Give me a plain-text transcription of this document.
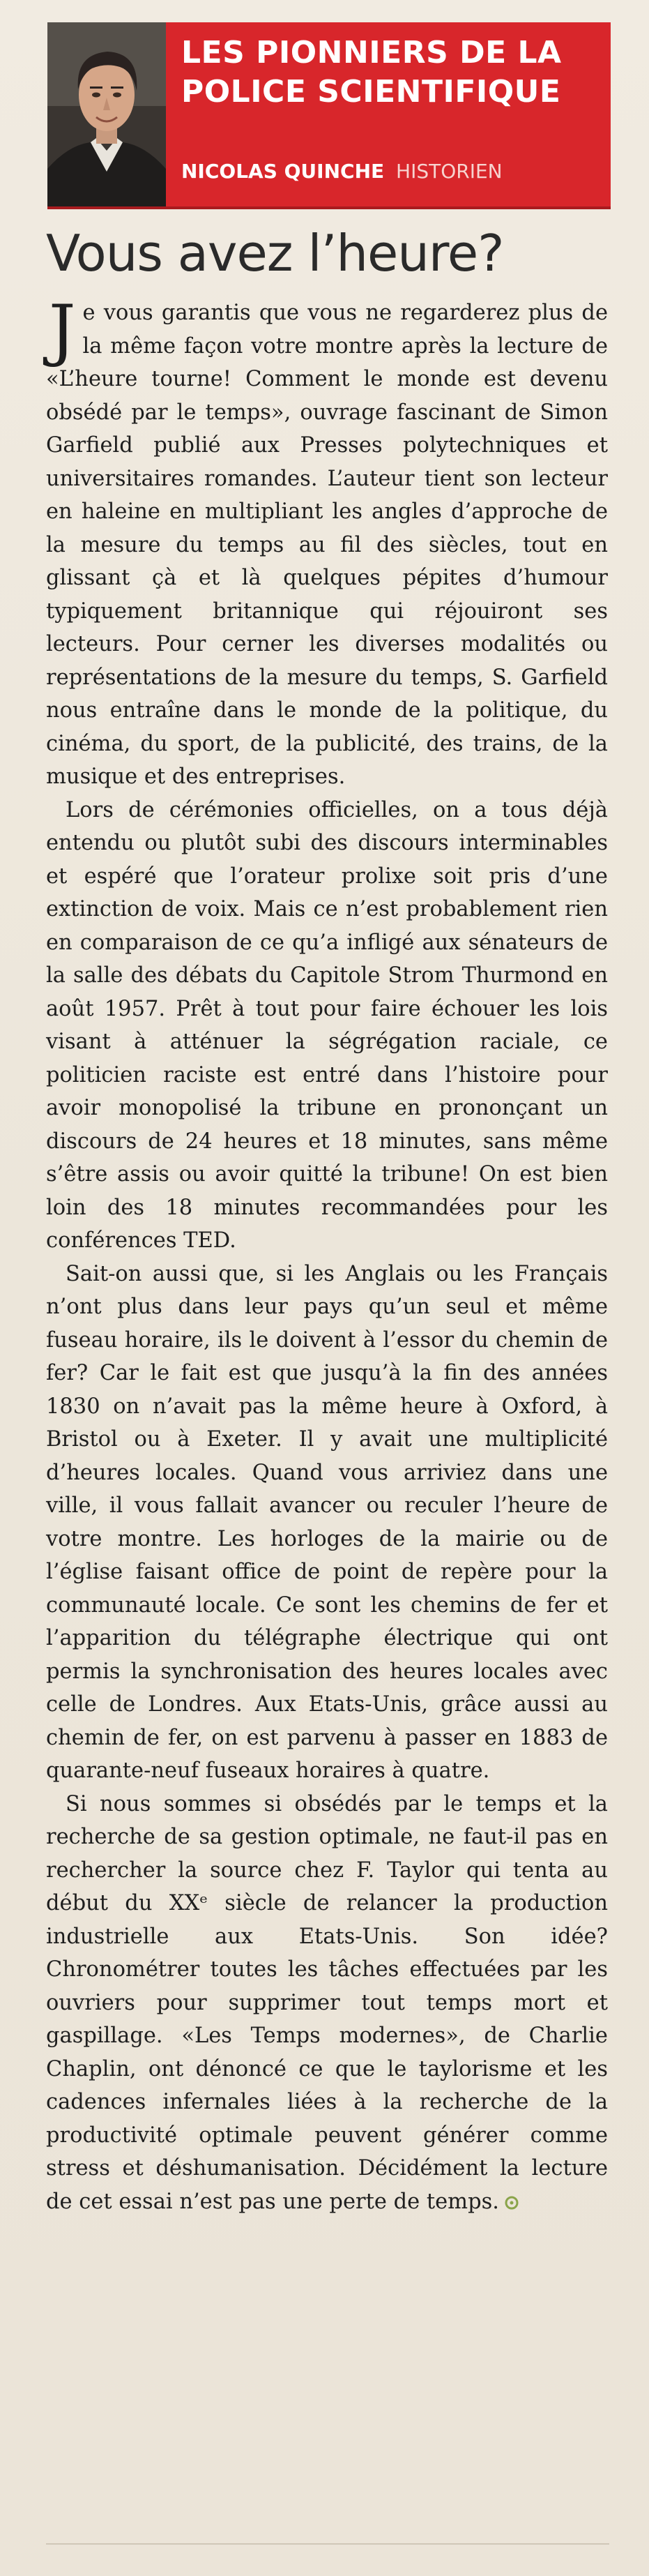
LES PIONNIERS DE LA POLICE SCIENTIFIQUE
NICOLAS QUINCHE HISTORIEN
Vous avez l’heure?

Je vous garantis que vous ne regarderez plus de la même façon votre montre après la lecture de «L’heure tourne! Comment le monde est devenu obsédé par le temps», ouvrage fascinant de Simon Garfield publié aux Presses polytechniques et universitaires romandes. L’auteur tient son lecteur en haleine en multipliant les angles d’approche de la mesure du temps au fil des siècles, tout en glissant çà et là quelques pépites d’humour typiquement britannique qui réjouiront ses lecteurs. Pour cerner les diverses modalités ou représentations de la mesure du temps, S. Garfield nous entraîne dans le monde de la politique, du cinéma, du sport, de la publicité, des trains, de la musique et des entreprises.

Lors de cérémonies officielles, on a tous déjà entendu ou plutôt subi des discours interminables et espéré que l’orateur prolixe soit pris d’une extinction de voix. Mais ce n’est probablement rien en comparaison de ce qu’a infligé aux sénateurs de la salle des débats du Capitole Strom Thurmond en août 1957. Prêt à tout pour faire échouer les lois visant à atténuer la ségrégation raciale, ce politicien raciste est entré dans l’histoire pour avoir monopolisé la tribune en prononçant un discours de 24 heures et 18 minutes, sans même s’être assis ou avoir quitté la tribune! On est bien loin des 18 minutes recommandées pour les conférences TED.

Sait-on aussi que, si les Anglais ou les Français n’ont plus dans leur pays qu’un seul et même fuseau horaire, ils le doivent à l’essor du chemin de fer? Car le fait est que jusqu’à la fin des années 1830 on n’avait pas la même heure à Oxford, à Bristol ou à Exeter. Il y avait une multiplicité d’heures locales. Quand vous arriviez dans une ville, il vous fallait avancer ou reculer l’heure de votre montre. Les horloges de la mairie ou de l’église faisant office de point de repère pour la communauté locale. Ce sont les chemins de fer et l’apparition du télégraphe électrique qui ont permis la synchronisation des heures locales avec celle de Londres. Aux Etats-Unis, grâce aussi au chemin de fer, on est parvenu à passer en 1883 de quarante-neuf fuseaux horaires à quatre.

Si nous sommes si obsédés par le temps et la recherche de sa gestion optimale, ne faut-il pas en rechercher la source chez F. Taylor qui tenta au début du XXᵉ siècle de relancer la production industrielle aux Etats-Unis. Son idée? Chronométrer toutes les tâches effectuées par les ouvriers pour supprimer tout temps mort et gaspillage. «Les Temps modernes», de Charlie Chaplin, ont dénoncé ce que le taylorisme et les cadences infernales liées à la recherche de la productivité optimale peuvent générer comme stress et déshumanisation. Décidément la lecture de cet essai n’est pas une perte de temps.
